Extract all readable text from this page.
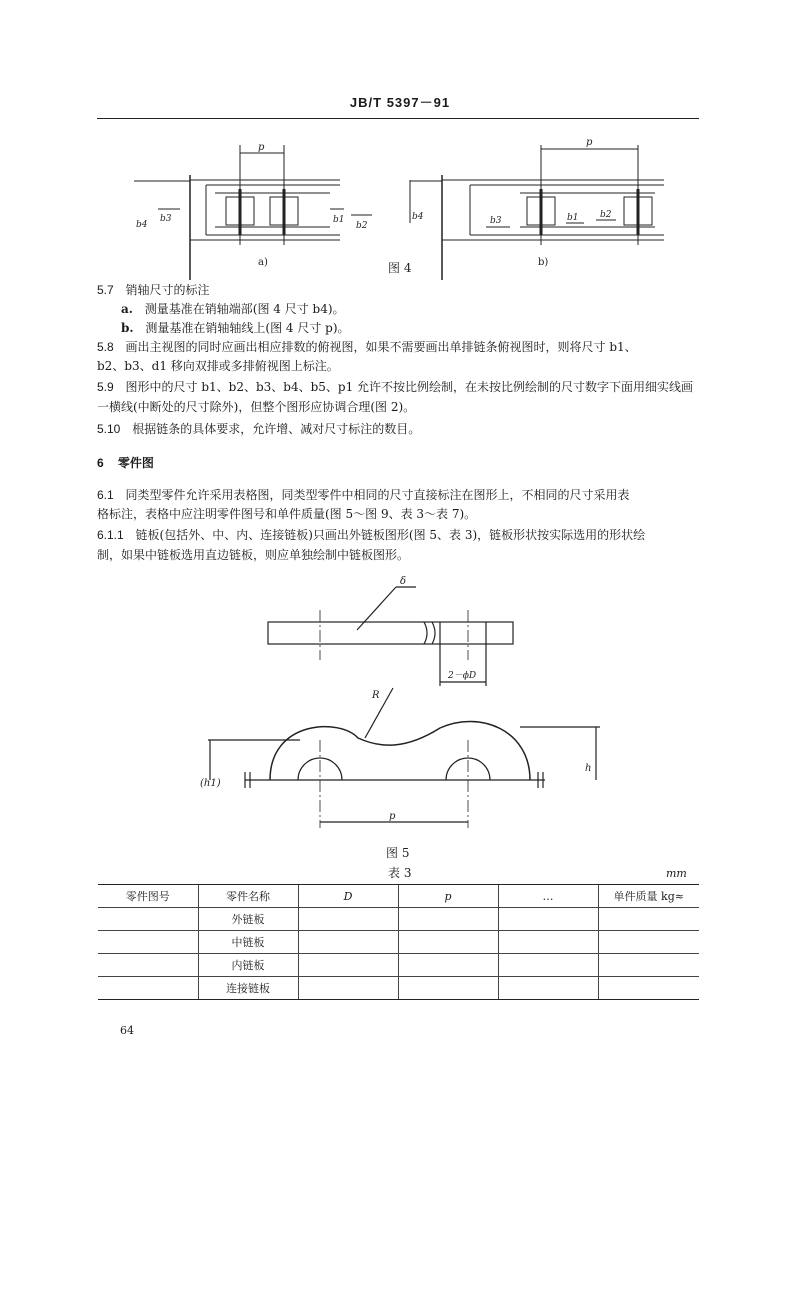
JB/T 5397－91
p
b4
b3	b1
b2
a)
p
b4	b3	b1 b2
b)
图 4
5.7 销轴尺寸的标注
a. 测量基准在销轴端部(图 4 尺寸 b4)。
b. 测量基准在销轴轴线上(图 4 尺寸 p)。
5.8 画出主视图的同时应画出相应排数的俯视图，如果不需要画出单排链条俯视图时，则将尺寸 b1、
b2、b3、d1 移向双排或多排俯视图上标注。
5.9 图形中的尺寸 b1、b2、b3、b4、b5、p1 允许不按比例绘制，在未按比例绘制的尺寸数字下面用细实线画
一横线(中断处的尺寸除外)，但整个图形应协调合理(图 2)。
5.10 根据链条的具体要求，允许增、减对尺寸标注的数目。
6 零件图
6.1 同类型零件允许采用表格图，同类型零件中相同的尺寸直接标注在图形上，不相同的尺寸采用表
格标注，表格中应注明零件图号和单件质量(图 5～图 9、表 3～表 7)。
6.1.1 链板(包括外、中、内、连接链板)只画出外链板图形(图 5、表 3)，链板形状按实际选用的形状绘
制，如果中链板选用直边链板，则应单独绘制中链板图形。
δ
2－ϕD
R
(h1)
h
p
图 5
表 3	mm
零件图号	零件名称	D	p	…	单件质量 kg≈
	外链板				
	中链板				
	内链板				
	连接链板				
64
